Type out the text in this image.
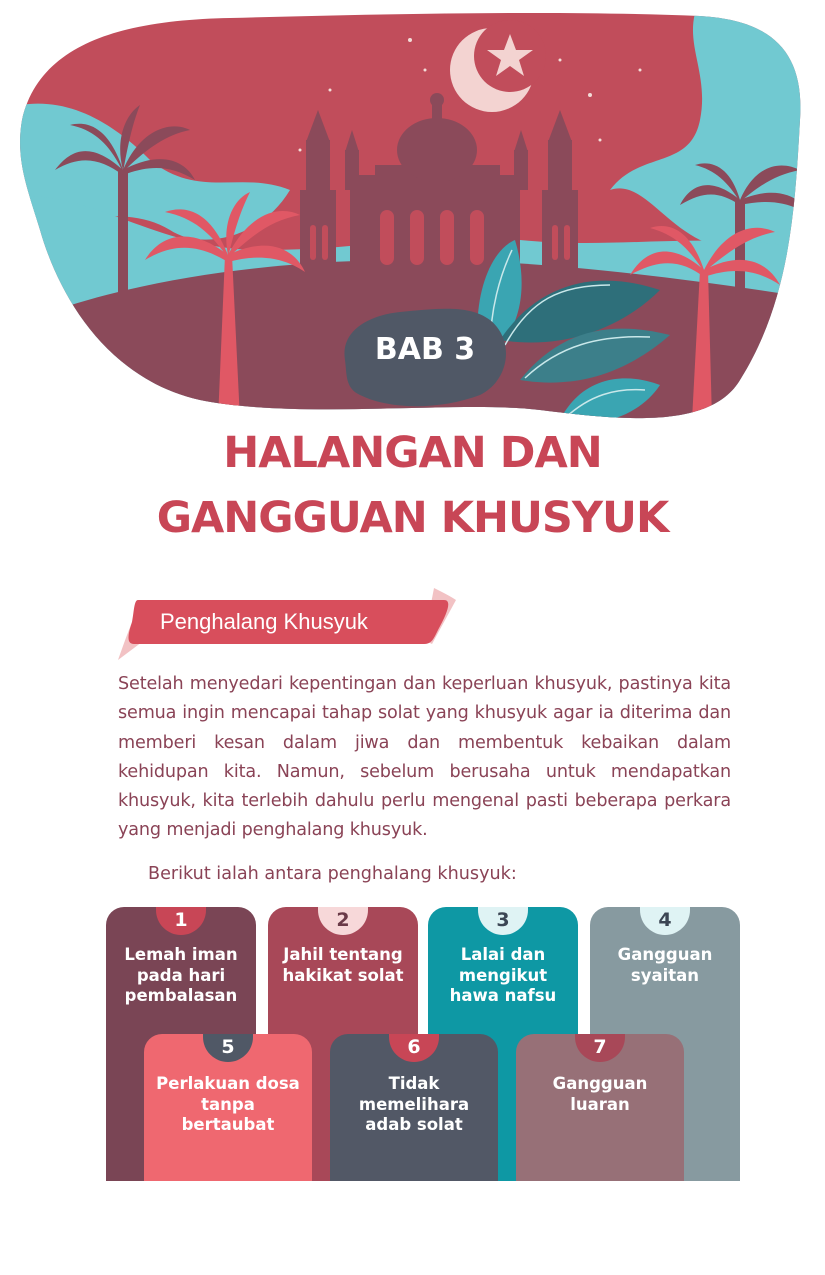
BAB 3
HALANGAN DAN
GANGGUAN KHUSYUK
Penghalang Khusyuk

Setelah menyedari kepentingan dan keperluan khusyuk, pastinya kita semua ingin mencapai tahap solat yang khusyuk agar ia diterima dan memberi kesan dalam jiwa dan membentuk kebaikan dalam kehidupan kita. Namun, sebelum berusaha untuk mendapatkan khusyuk, kita terlebih dahulu perlu mengenal pasti beberapa perkara yang menjadi penghalang khusyuk.

Berikut ialah antara penghalang khusyuk:
1
Lemah iman pada hari pembalasan
2
Jahil tentang hakikat solat
3
Lalai dan mengikut hawa nafsu
4
Gangguan syaitan
5
Perlakuan dosa tanpa bertaubat
6
Tidak memelihara adab solat
7
Gangguan luaran
